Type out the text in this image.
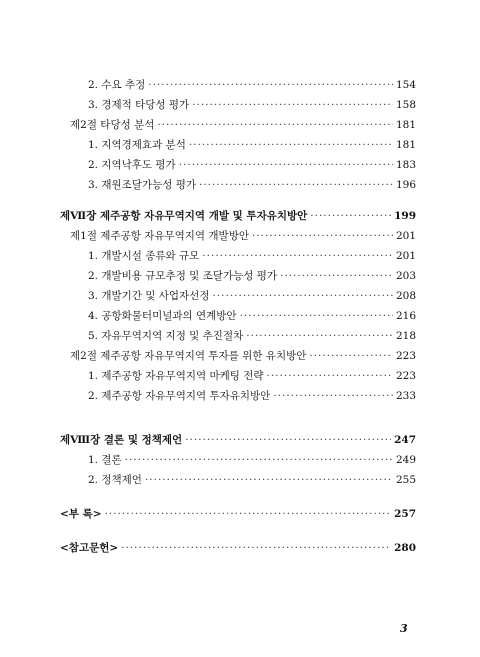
2. 수요 추정 ·····	154
3. 경제적 타당성 평가 ·····	158
제2절 타당성 분석 ·····	181
1. 지역경제효과 분석 ·····	181
2. 지역낙후도 평가 ·····	183
3. 재원조달가능성 평가 ·····	196
제Ⅶ장 제주공항 자유무역지역 개발 및 투자유치방안 ·····	199
제1절 제주공항 자유무역지역 개발방안 ·····	201
1. 개발시설 종류와 규모 ·····	201
2. 개발비용 규모추정 및 조달가능성 평가 ·····	203
3. 개발기간 및 사업자선정 ·····	208
4. 공항화물터미널과의 연계방안 ·····	216
5. 자유무역지역 지정 및 추진절차 ·····	218
제2절 제주공항 자유무역지역 투자를 위한 유치방안 ·····	223
1. 제주공항 자유무역지역 마케팅 전략 ·····	223
2. 제주공항 자유무역지역 투자유치방안 ·····	233
제Ⅷ장 결론 및 정책제언 ·····	247
1. 결론 ·····	249
2. 정책제언 ·····	255
<부 록> ·····	257
<참고문헌> ·····	280
3
